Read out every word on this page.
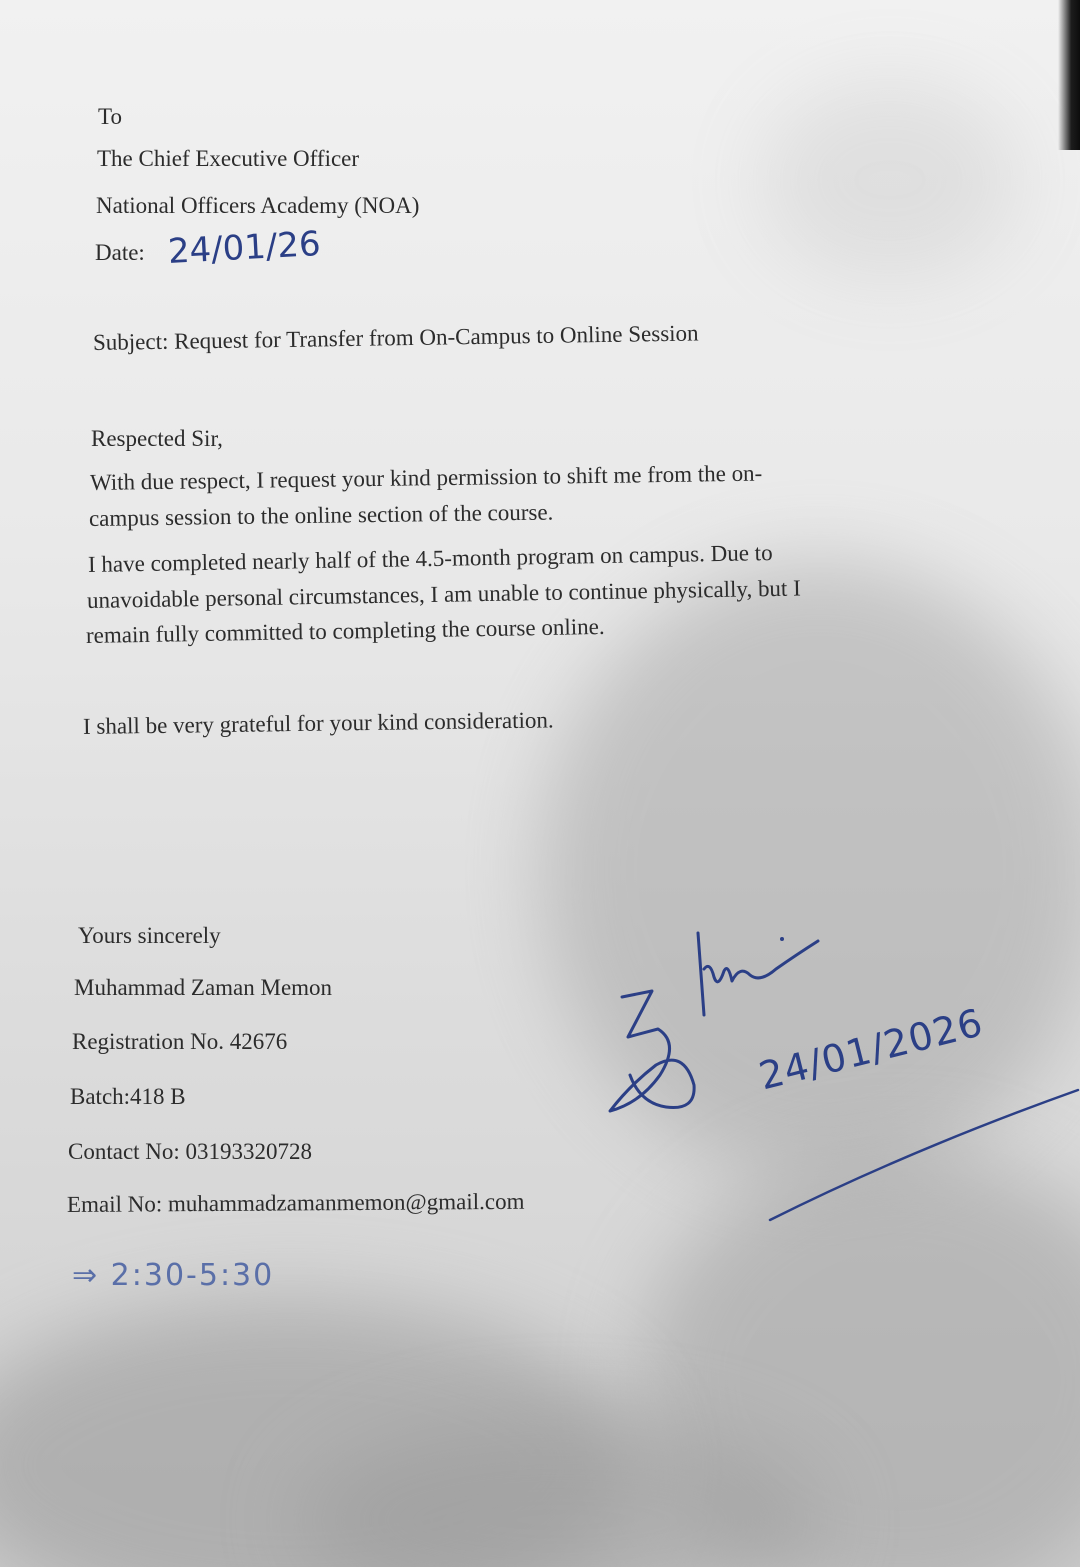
To
The Chief Executive Officer
National Officers Academy (NOA)
Date: 24/01/26
Subject: Request for Transfer from On-Campus to Online Session
Respected Sir,
With due respect, I request your kind permission to shift me from the on-
campus session to the online section of the course.
I have completed nearly half of the 4.5-month program on campus. Due to
unavoidable personal circumstances, I am unable to continue physically, but I
remain fully committed to completing the course online.
I shall be very grateful for your kind consideration.
Yours sincerely
Muhammad Zaman Memon
Registration No. 42676
Batch:418 B
Contact No: 03193320728
Email No: muhammadzamanmemon@gmail.com
⇒ 2:30-5:30
24/01/2026
